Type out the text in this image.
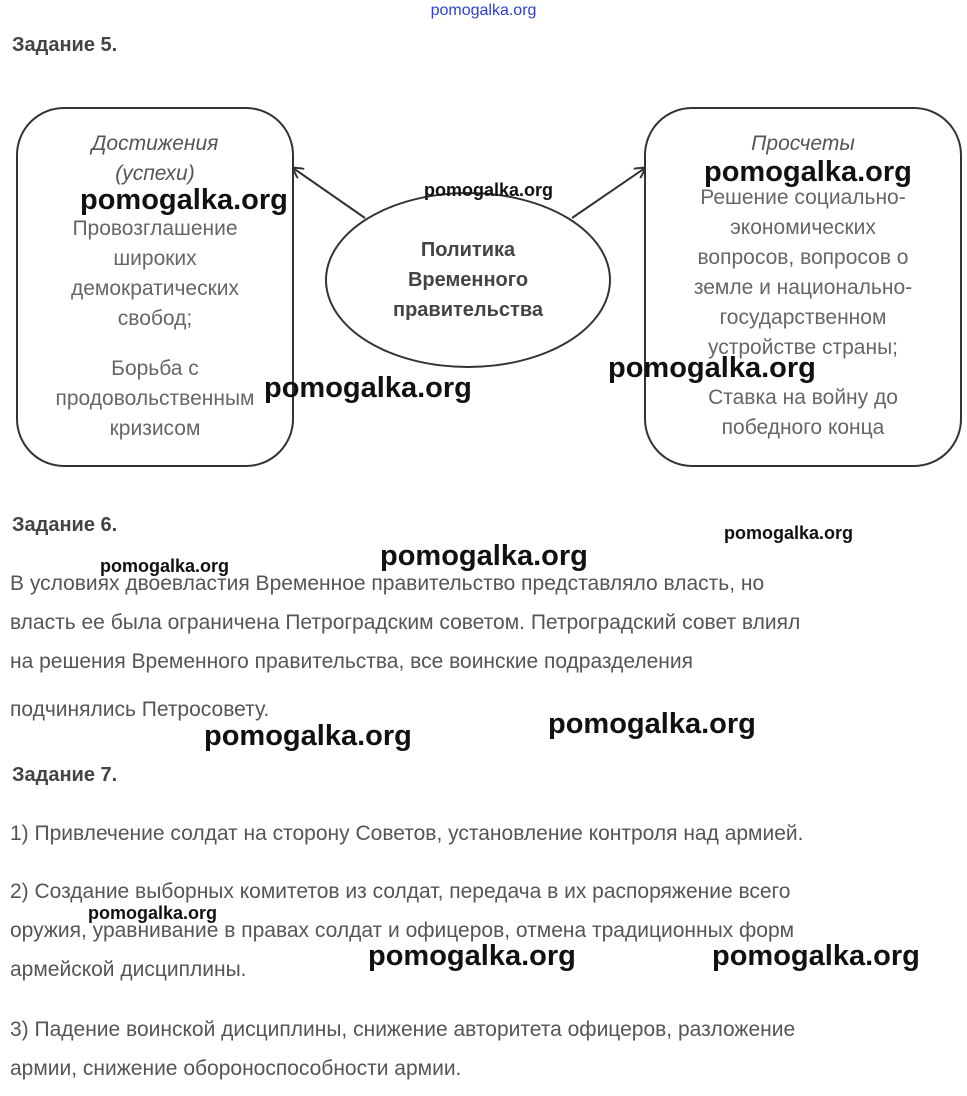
pomogalka.org
Задание 5.

Достижения

(успехи)

Провозглашение

широких

демократических

свобод;

Борьба с

продовольственным

кризисом

Политика
Временного
правительства

Просчеты

Решение социально-

экономических

вопросов, вопросов о

земле и национально-

государственном

устройстве страны;

Ставка на войну до

победного конца

Задание 6.

В условиях двоевластия Временное правительство представляло власть, но

власть ее была ограничена Петроградским советом. Петроградский совет влиял

на решения Временного правительства, все воинские подразделения

подчинялись Петросовету.

Задание 7.

1) Привлечение солдат на сторону Советов, установление контроля над армией.

2) Создание выборных комитетов из солдат, передача в их распоряжение всего

оружия, уравнивание в правах солдат и офицеров, отмена традиционных форм

армейской дисциплины.

3) Падение воинской дисциплины, снижение авторитета офицеров, разложение

армии, снижение обороноспособности армии.

pomogalka.org	pomogalka.org
pomogalka.org
pomogalka.org
pomogalka.org
pomogalka.org
pomogalka.org	pomogalka.org
pomogalka.org	pomogalka.org
pomogalka.org
pomogalka.org	pomogalka.org
